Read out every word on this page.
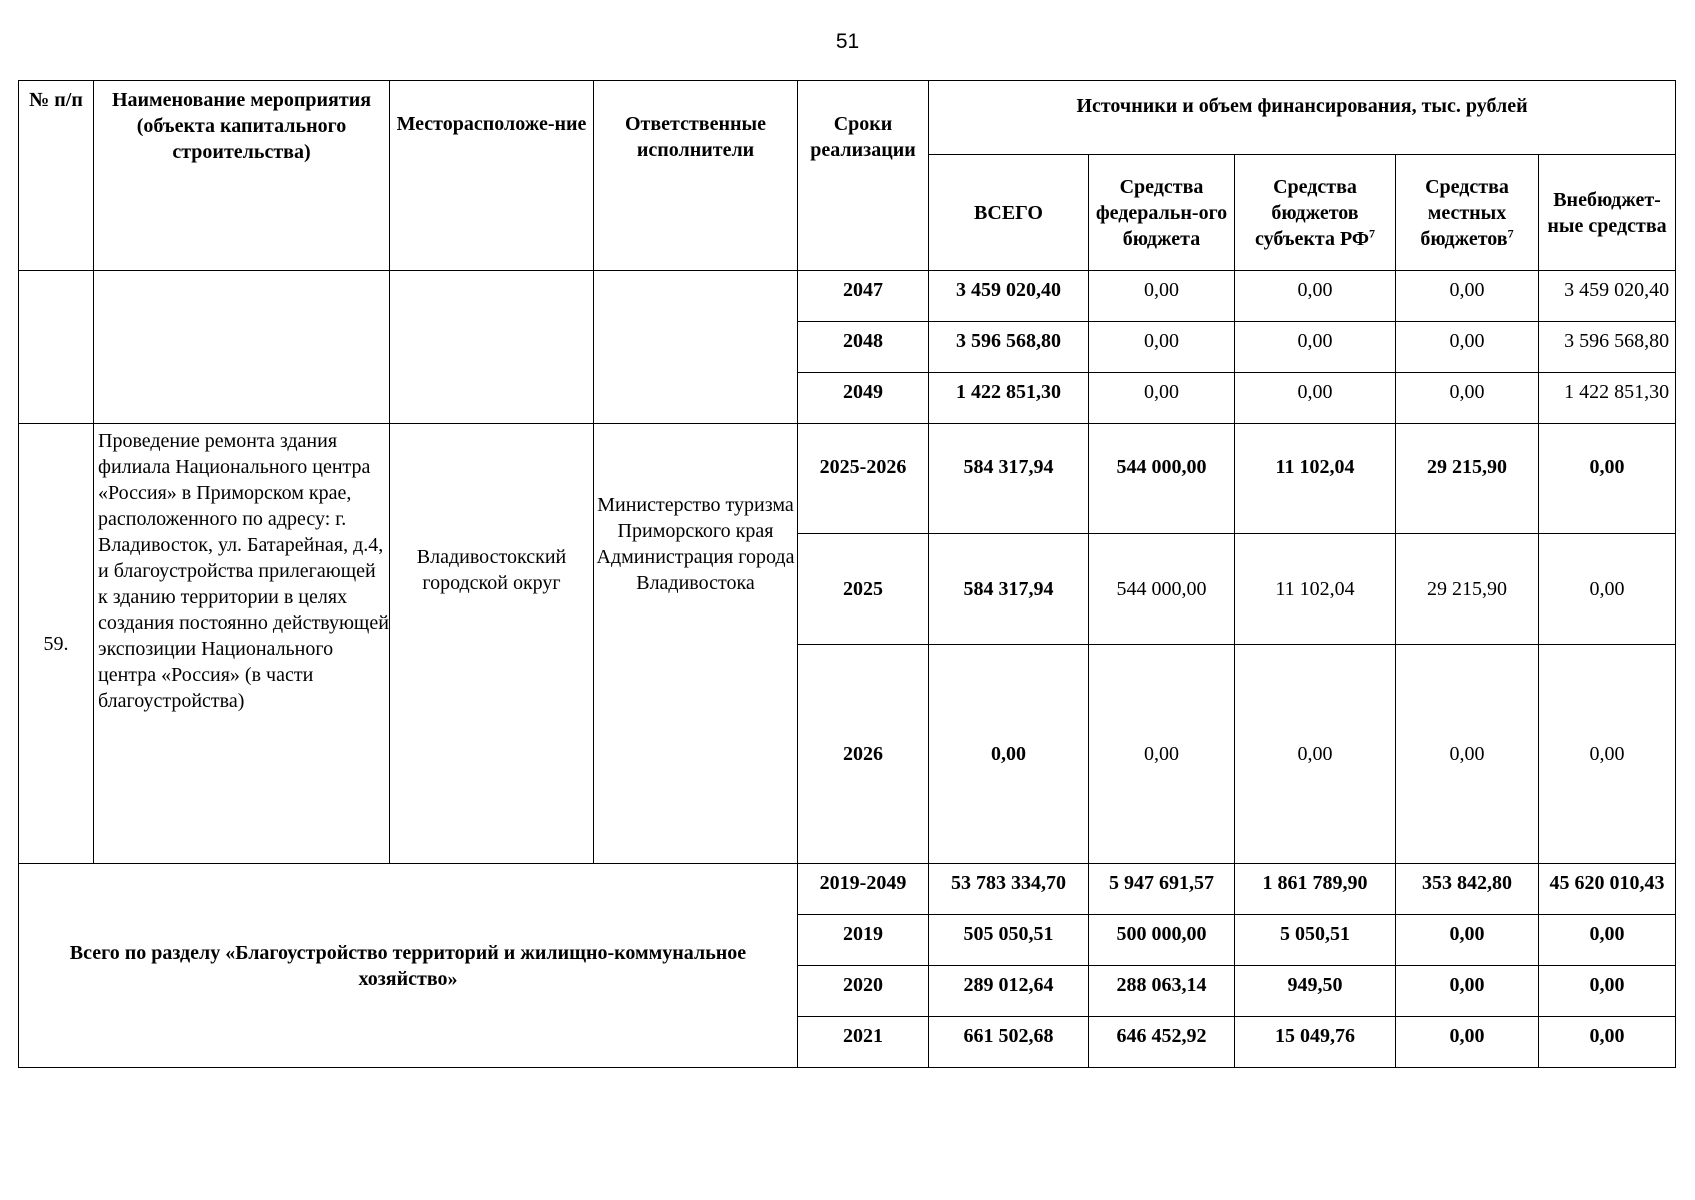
51
№ п/п	Наименование мероприятия (объекта капитального строительства)	Месторасположе-ние	Ответственные исполнители	Сроки реализации	Источники и объем финансирования, тыс. рублей				
					ВСЕГО	Средства федеральн-ого бюджета	Средства бюджетов субъекта $РФ^7$	Средства местных бюджетов$^7$	Внебюджет-ные средства
				2047	3 459 020,40	0,00	0,00	0,00	3 459 020,40
				2048	3 596 568,80	0,00	0,00	0,00	3 596 568,80
				2049	1 422 851,30	0,00	0,00	0,00	1 422 851,30
59.	Проведение ремонта здания филиала Национального центра «Россия» в Приморском крае, расположенного по адресу: г. Владивосток, ул. Батарейная, д.4, и благоустройства прилегающей к зданию территории в целях создания постоянно действующей экспозиции Национального центра «Россия» (в части благоустройства)	Владивостокский городской округ	Министерство туризма Приморского края Администрация города Владивостока	2025-2026	584 317,94	544 000,00	11 102,04	29 215,90	0,00
				2025	584 317,94	544 000,00	11 102,04	29 215,90	0,00
				2026	0,00	0,00	0,00	0,00	0,00
Всего по разделу «Благоустройство территорий и жилищно-коммунальное хозяйство»				2019-2049	53 783 334,70	5 947 691,57	1 861 789,90	353 842,80	45 620 010,43
				2019	505 050,51	500 000,00	5 050,51	0,00	0,00
				2020	289 012,64	288 063,14	949,50	0,00	0,00
				2021	661 502,68	646 452,92	15 049,76	0,00	0,00
